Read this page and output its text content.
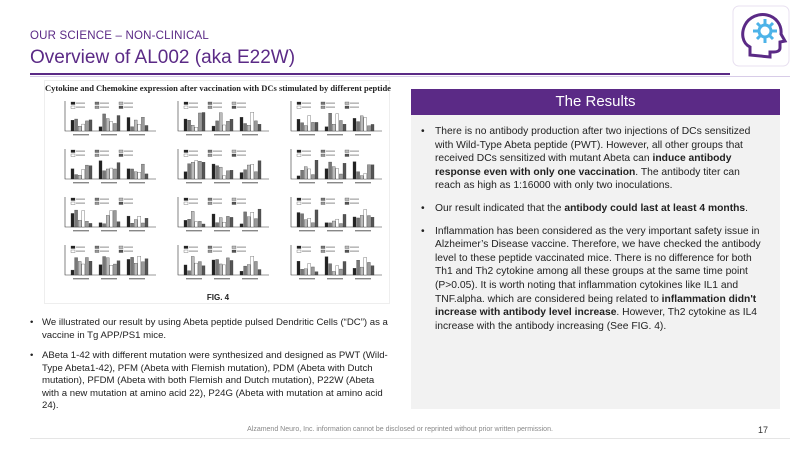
OUR SCIENCE – NON-CLINICAL
Overview of AL002 (aka E22W)
Cytokine and Chemokine expression after vaccination with DCs stimulated by different peptide
FIG. 4
• We illustrated our result by using Abeta peptide pulsed Dendritic Cells (“DC”) as a vaccine in Tg APP/PS1 mice.
• ABeta 1-42 with different mutation were synthesized and designed as PWT (Wild-Type Abeta1-42), PFM (Abeta with Flemish mutation), PDM (Abeta with Dutch mutation), PFDM (Abeta with both Flemish and Dutch mutation), P22W (Abeta with a new mutation at amino acid 22), P24G (Abeta with mutation at amino acid 24).
The Results
• There is no antibody production after two injections of DCs sensitized with Wild-Type Abeta peptide (PWT). However, all other groups that received DCs sensitized with mutant Abeta can induce antibody response even with only one vaccination. The antibody titer can reach as high as 1:16000 with only two inoculations.
• Our result indicated that the antibody could last at least 4 months.
• Inflammation has been considered as the very important safety issue in Alzheimer’s Disease vaccine. Therefore, we have checked the antibody level to these peptide vaccinated mice. There is no difference for both Th1 and Th2 cytokine among all these groups at the same time point (P>0.05). It is worth noting that inflammation cytokines like IL1 and TNF.alpha. which are considered being related to inflammation didn't increase with antibody level increase. However, Th2 cytokine as IL4 increase with the antibody increasing (See FIG. 4).
Alzamend Neuro, Inc. information cannot be disclosed or reprinted without prior written permission.	17
